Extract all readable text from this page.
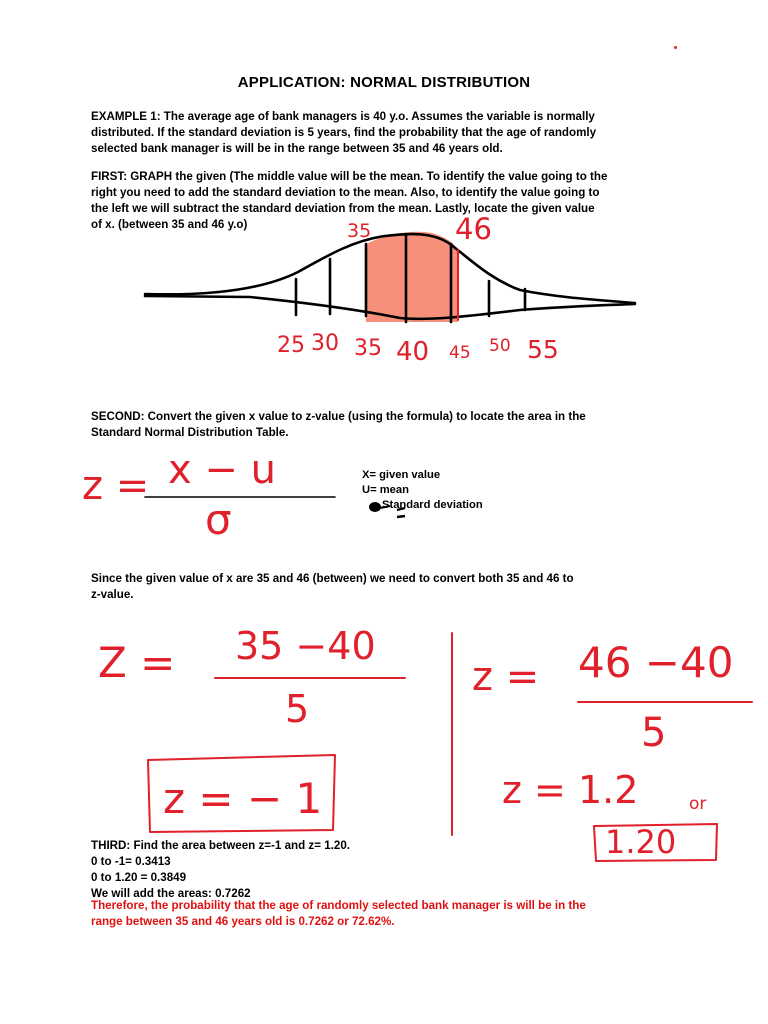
APPLICATION: NORMAL DISTRIBUTION
EXAMPLE 1: The average age of bank managers is 40 y.o. Assumes the variable is normally
distributed. If the standard deviation is 5 years, find the probability that the age of randomly
selected bank manager is will be in the range between 35 and 46 years old.
FIRST: GRAPH the given (The middle value will be the mean. To identify the value going to the
right you need to add the standard deviation to the mean. Also, to identify the value going to
the left we will subtract the standard deviation from the mean. Lastly, locate the given value
of x. (between 35 and 46 y.o)	35	46
25 30 35 40 45 50 55
SECOND: Convert the given x value to z-value (using the formula) to locate the area in the
Standard Normal Distribution Table.
z = x − u
σ
X= given value
U= mean
Standard deviation
Since the given value of x are 35 and 46 (between) we need to convert both 35 and 46 to
z-value.
Z = 35 −40
5
z = − 1
z = 46 −40
5
z = 1.2	or
1.20
THIRD: Find the area between z=-1 and z= 1.20.
0 to -1= 0.3413
0 to 1.20 = 0.3849
We will add the areas: 0.7262
Therefore, the probability that the age of randomly selected bank manager is will be in the
range between 35 and 46 years old is 0.7262 or 72.62%.
